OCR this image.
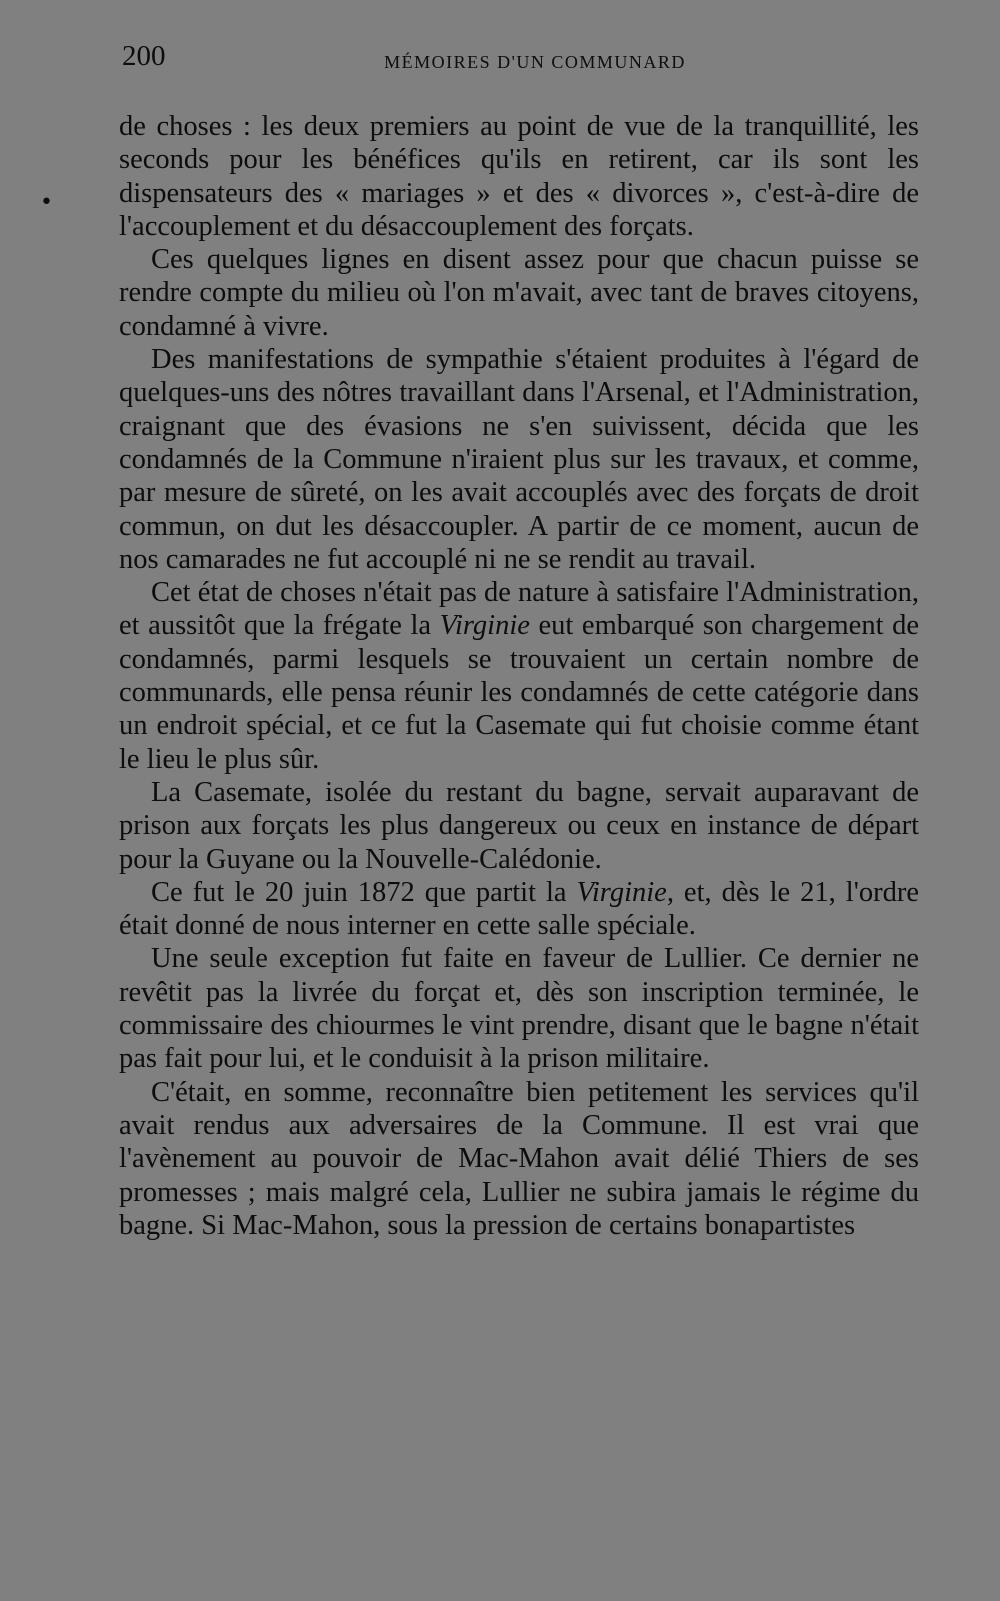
200	MÉMOIRES D'UN COMMUNARD
•

de choses : les deux premiers au point de vue de la tranquillité, les seconds pour les bénéfices qu'ils en retirent, car ils sont les dispensateurs des « mariages » et des « divorces », c'est-à-dire de l'accouplement et du désaccouplement des forçats.

Ces quelques lignes en disent assez pour que chacun puisse se rendre compte du milieu où l'on m'avait, avec tant de braves citoyens, condamné à vivre.

Des manifestations de sympathie s'étaient produites à l'égard de quelques-uns des nôtres travaillant dans l'Arsenal, et l'Administration, craignant que des évasions ne s'en suivissent, décida que les condamnés de la Commune n'iraient plus sur les travaux, et comme, par mesure de sûreté, on les avait accouplés avec des forçats de droit commun, on dut les désaccoupler. A partir de ce moment, aucun de nos camarades ne fut accouplé ni ne se rendit au travail.

Cet état de choses n'était pas de nature à satisfaire l'Administration, et aussitôt que la frégate la Virginie eut embarqué son chargement de condamnés, parmi lesquels se trouvaient un certain nombre de communards, elle pensa réunir les condamnés de cette catégorie dans un endroit spécial, et ce fut la Casemate qui fut choisie comme étant le lieu le plus sûr.

La Casemate, isolée du restant du bagne, servait auparavant de prison aux forçats les plus dangereux ou ceux en instance de départ pour la Guyane ou la Nouvelle-Calédonie.

Ce fut le 20 juin 1872 que partit la Virginie, et, dès le 21, l'ordre était donné de nous interner en cette salle spéciale.

Une seule exception fut faite en faveur de Lullier. Ce dernier ne revêtit pas la livrée du forçat et, dès son inscription terminée, le commissaire des chiourmes le vint prendre, disant que le bagne n'était pas fait pour lui, et le conduisit à la prison militaire.

C'était, en somme, reconnaître bien petitement les services qu'il avait rendus aux adversaires de la Commune. Il est vrai que l'avènement au pouvoir de Mac-Mahon avait délié Thiers de ses promesses ; mais malgré cela, Lullier ne subira jamais le régime du bagne. Si Mac-Mahon, sous la pression de certains bonapartistes
